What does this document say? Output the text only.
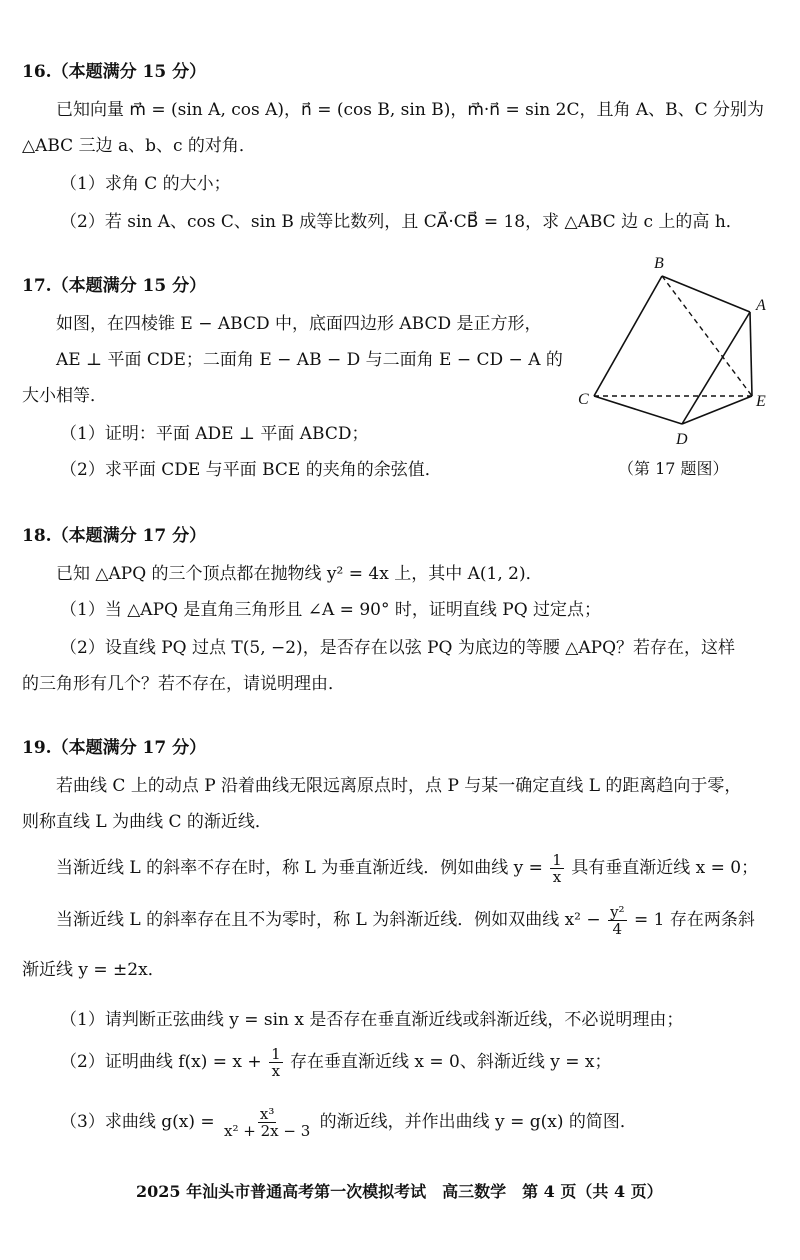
16.（本题满分 15 分）
已知向量 m⃗ = (sin A, cos A)，n⃗ = (cos B, sin B)，m⃗·n⃗ = sin 2C，且角 A、B、C 分别为
△ABC 三边 a、b、c 的对角．
（1）求角 C 的大小；
（2）若 sin A、cos C、sin B 成等比数列，且 CA⃗·CB⃗ = 18，求 △ABC 边 c 上的高 h．
17.（本题满分 15 分）
如图，在四棱锥 E − ABCD 中，底面四边形 ABCD 是正方形，
AE ⊥ 平面 CDE；二面角 E − AB − D 与二面角 E − CD − A 的
大小相等．
（1）证明：平面 ADE ⊥ 平面 ABCD；
（2）求平面 CDE 与平面 BCE 的夹角的余弦值．
B
A
C	E
D
（第 17 题图）
18.（本题满分 17 分）
已知 △APQ 的三个顶点都在抛物线 y² = 4x 上，其中 A(1, 2)．
（1）当 △APQ 是直角三角形且 ∠A = 90° 时，证明直线 PQ 过定点；
（2）设直线 PQ 过点 T(5, −2)，是否存在以弦 PQ 为底边的等腰 △APQ？若存在，这样
的三角形有几个？若不存在，请说明理由．
19.（本题满分 17 分）
若曲线 C 上的动点 P 沿着曲线无限远离原点时，点 P 与某一确定直线 L 的距离趋向于零，
则称直线 L 为曲线 C 的渐近线．
当渐近线 L 的斜率不存在时，称 L 为垂直渐近线．例如曲线 $y = \frac{1}{x}$ 具有垂直渐近线 x = 0；
当渐近线 L 的斜率存在且不为零时，称 L 为斜渐近线．例如双曲线 $x^2 - \frac{\text{y²}}{4} = 1$ 存在两条斜
渐近线 y = ±2x．
（1）请判断正弦曲线 y = sin x 是否存在垂直渐近线或斜渐近线，不必说明理由；
（2）证明曲线 $f(x) = x + \frac{1}{x}$ 存在垂直渐近线 x = 0、斜渐近线 y = x；
（3）求曲线 $g(x) = \frac{\text{x³}}{\text{x² + 2x − 3}}$ 的渐近线，并作出曲线 y = g(x) 的简图．
2025 年汕头市普通高考第一次模拟考试　高三数学　第 4 页（共 4 页）
